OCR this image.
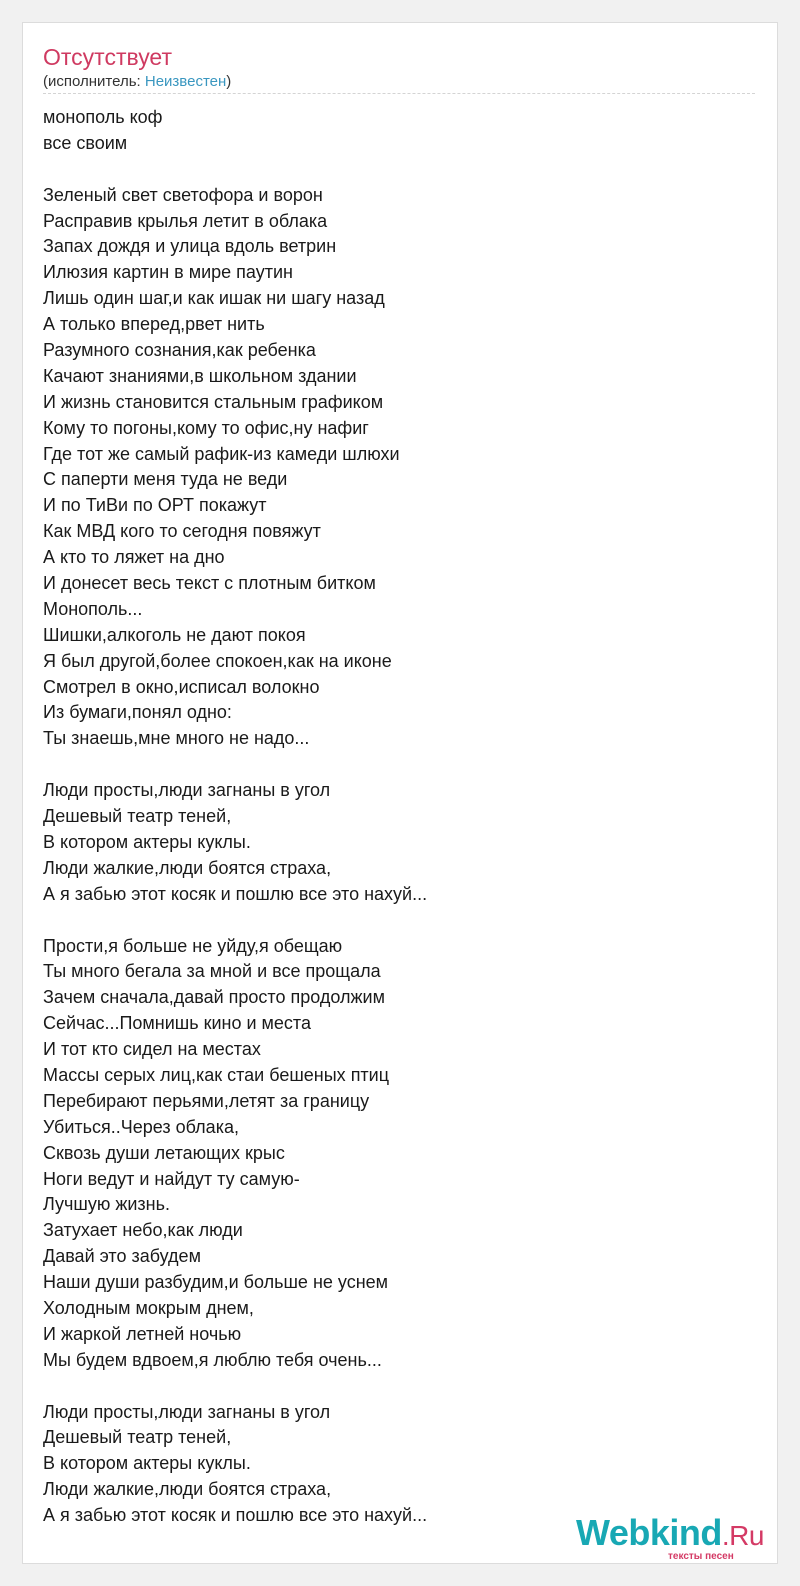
Отсутствует
(исполнитель: Неизвестен)
монополь коф
все своим
Зеленый свет светофора и ворон
Расправив крылья летит в облака
Запах дождя и улица вдоль ветрин
Илюзия картин в мире паутин
Лишь один шаг,и как ишак ни шагу назад
А только вперед,рвет нить
Разумного сознания,как ребенка
Качают знаниями,в школьном здании
И жизнь становится стальным графиком
Кому то погоны,кому то офис,ну нафиг
Где тот же самый рафик-из камеди шлюхи
С паперти меня туда не веди
И по ТиВи по ОРТ покажут
Как МВД кого то сегодня повяжут
А кто то ляжет на дно
И донесет весь текст с плотным битком
Монополь...
Шишки,алкоголь не дают покоя
Я был другой,более спокоен,как на иконе
Смотрел в окно,исписал волокно
Из бумаги,понял одно:
Ты знаешь,мне много не надо...
Люди просты,люди загнаны в угол
Дешевый театр теней,
В котором актеры куклы.
Люди жалкие,люди боятся страха,
А я забью этот косяк и пошлю все это нахуй...
Прости,я больше не уйду,я обещаю
Ты много бегала за мной и все прощала
Зачем сначала,давай просто продолжим
Сейчас...Помнишь кино и места
И тот кто сидел на местах
Массы серых лиц,как стаи бешеных птиц
Перебирают перьями,летят за границу
Убиться..Через облака,
Сквозь души летающих крыс
Ноги ведут и найдут ту самую-
Лучшую жизнь.
Затухает небо,как люди
Давай это забудем
Наши души разбудим,и больше не уснем
Холодным мокрым днем,
И жаркой летней ночью
Мы будем вдвоем,я люблю тебя очень...
Люди просты,люди загнаны в угол
Дешевый театр теней,
В котором актеры куклы.
Люди жалкие,люди боятся страха,
А я забью этот косяк и пошлю все это нахуй...	Webkind.Ru
тексты песен
